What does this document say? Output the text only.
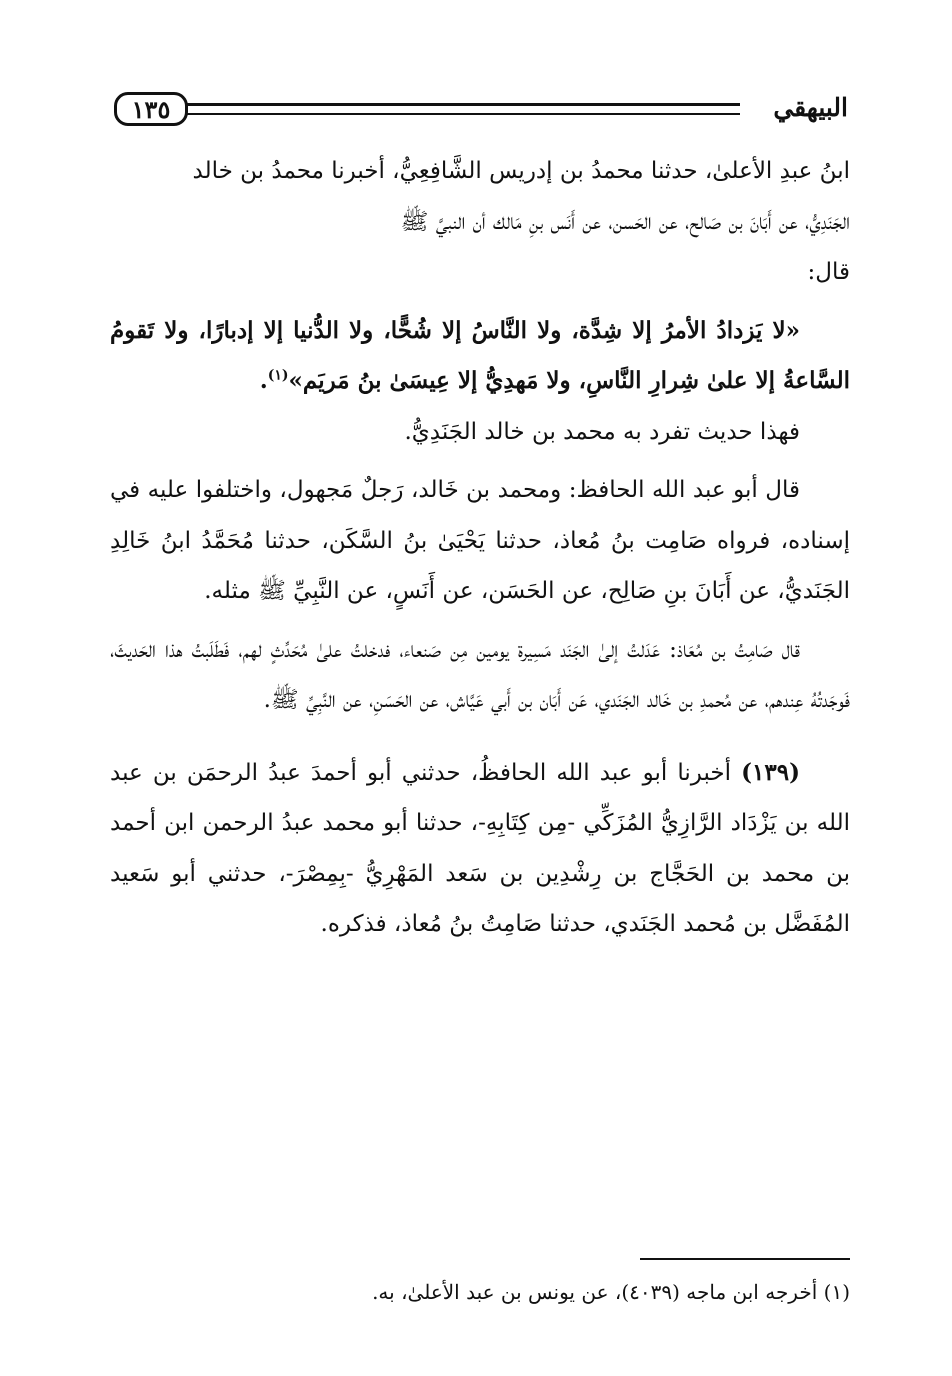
١٣٥	البيهقي

ابنُ عبدِ الأعلىٰ، حدثنا محمدُ بن إدريس الشَّافِعِيُّ، أخبرنا محمدُ بن خالد

الجَنَدِيُّ، عن أَبَانَ بن صَالح، عن الحَسن، عن أَنَس بنِ مَالك أن النبيَّ ﷺ

قال:

«لا يَزدادُ الأمرُ إلا شِدَّة، ولا النَّاسُ إلا شُحًّا، ولا الدُّنيا إلا إدبارًا، ولا تَقومُ السَّاعةُ إلا علىٰ شِرارِ النَّاسِ، ولا مَهدِيُّ إلا عِيسَىٰ بنُ مَريَم»$^{(١)}$.

فهذا حديث تفرد به محمد بن خالد الجَنَدِيُّ.

قال أبو عبد الله الحافظ: ومحمد بن خَالد، رَجلٌ مَجهول، واختلفوا عليه في إسناده، فرواه صَامِت بنُ مُعاذ، حدثنا يَحْيَىٰ بنُ السَّكَن، حدثنا مُحَمَّدُ ابنُ خَالِدِ الجَنَديُّ، عن أَبَانَ بنِ صَالِح، عن الحَسَن، عن أَنَسٍ، عن النَّبِيِّ ﷺ مثله.

قال صَامِتُ بن مُعَاذ: عَدَلتُ إلىٰ الجَنَد مَسِيرة يومين مِن صَنعاء، فدخلتُ علىٰ مُحَدِّثٍ لهم، فَطَلَبتُ هذا الحَديثَ، فَوجَدتُهُ عِندهم، عن مُحمدِ بن خَالد الجَنَدي، عَن أَبَان بن أَبي عَيَّاش، عن الحَسَنِ، عن النَّبِيِّ ﷺ.

(١٣٩) أخبرنا أبو عبد الله الحافظُ، حدثني أبو أحمدَ عبدُ الرحمَن بن عبد الله بن يَزْدَاد الرَّازِيُّ المُزَكِّي -مِن كِتَابِهِ-، حدثنا أبو محمد عبدُ الرحمن ابن أحمد بن محمد بن الحَجَّاج بن رِشْدِين بن سَعد المَهْرِيُّ -بِمِصْرَ-، حدثني أبو سَعيد المُفَضَّل بن مُحمد الجَنَدي، حدثنا صَامِتُ بنُ مُعاذ، فذكره.

(١) أخرجه ابن ماجه (٤٠٣٩)، عن يونس بن عبد الأعلىٰ، به.
